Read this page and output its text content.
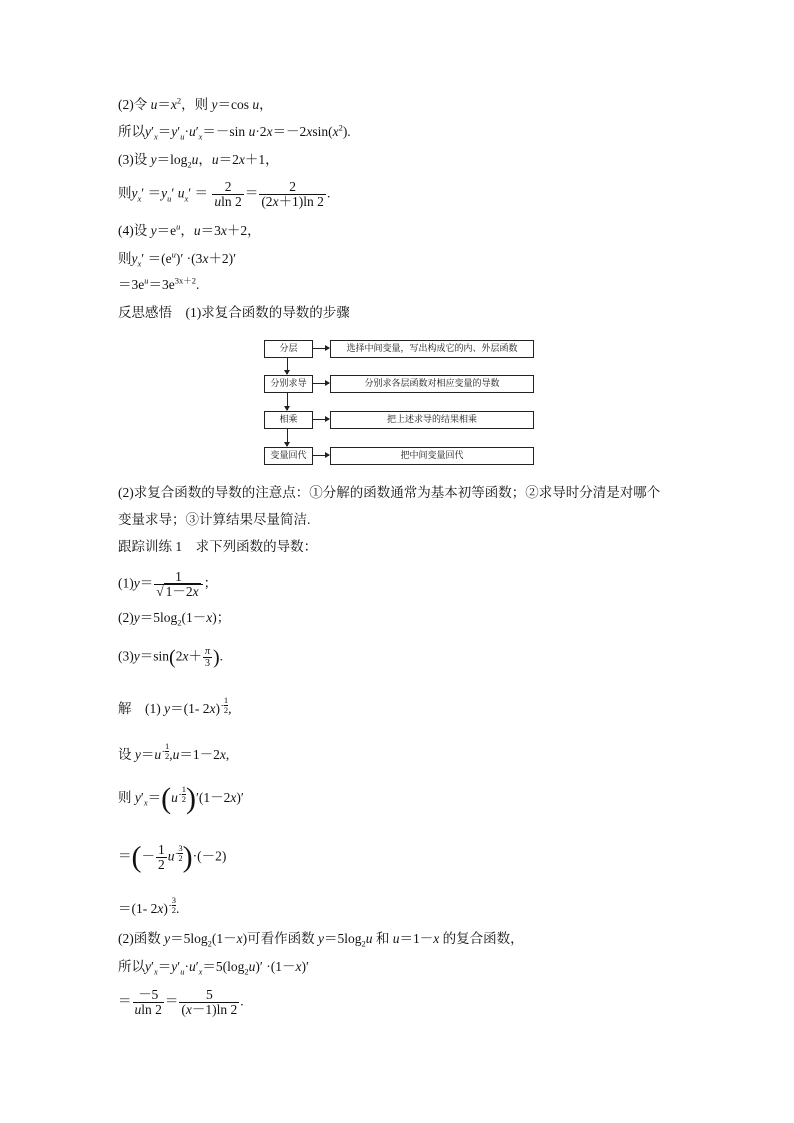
(2)令 $u=x^2$，则 y＝cos u，
所以$y'_x=y'_u\cdot u'_x=-\sin$ $u\cdot 2x=-2xsin(x^2)$.
(3)设 $y=\log_2u$，u＝2x＋1，
则$y_x' =y_u'$ $u_x' = \frac{2}{uln 2} = \frac{2}{(2x+1)\ln 2}$ .
(4)设 $y=e^u$，u＝3x＋2，
则$y_x' =(e^u)' \cdot(3x+2)'$
$=3e^u=3e^{3x+2}$.
反思感悟　(1)求复合函数的导数的步骤
分层	选择中间变量，写出构成它的内、外层函数
分别求导	分别求各层函数对相应变量的导数
相乘	把上述求导的结果相乘
变量回代	把中间变量回代
(2)求复合函数的导数的注意点：①分解的函数通常为基本初等函数；②求导时分清是对哪个
变量求导；③计算结果尽量简洁.
跟踪训练 1　求下列函数的导数：
$(1)y= \frac{1}{√ 1-2x}$ ；
$(2)y=5\log_2(1-x)$；
$(3)y=\sin(2x+ \frac{\pi}{3}$ ).
解　(1) y＝(1- $2x)- \frac{1}{2}$ ,
设 $y=u- \frac{1}{2} ,u=1-2x$,
则 $y'_x=(u- \frac{1}{2} )'(1-2x)'$
＝(－ $\frac{1}{2} u- \frac{3}{2} )\cdot(-2)$
＝(1- $2x)- \frac{3}{2}$ .
(2)函数 $y=5\log_2(1-x)$可看作函数 $y=5\log_2u$ 和 u＝1－x 的复合函数，
所以$y'_x=y'_u\cdot u'_x=5(\log_2u)' \cdot(1-x)'$
＝ $\frac{-5}{uln 2} = \frac{5}{(x-1)\ln 2}$ .
